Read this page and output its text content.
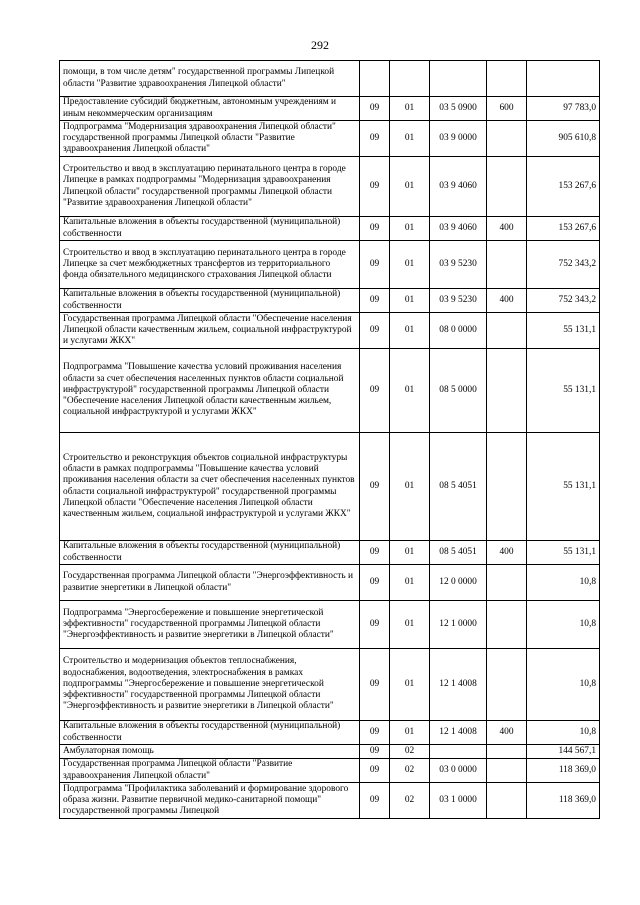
292
помощи, в том числе детям" государственной программы Липецкой области "Развитие здравоохранения Липецкой области"					
Предоставление субсидий бюджетным, автономным учреждениям и иным некоммерческим организациям	09	01	03 5 0900	600	97 783,0
Подпрограмма "Модернизация здравоохранения Липецкой области" государственной программы Липецкой области "Развитие здравоохранения Липецкой области"	09	01	03 9 0000		905 610,8
Строительство и ввод в эксплуатацию перинатального центра в городе Липецке в рамках подпрограммы "Модернизация здравоохранения Липецкой области" государственной программы Липецкой области "Развитие здравоохранения Липецкой области"	09	01	03 9 4060		153 267,6
Капитальные вложения в объекты государственной (муниципальной) собственности	09	01	03 9 4060	400	153 267,6
Строительство и ввод в эксплуатацию перинатального центра в городе Липецке за счет межбюджетных трансфертов из территориального фонда обязательного медицинского страхования Липецкой области	09	01	03 9 5230		752 343,2
Капитальные вложения в объекты государственной (муниципальной) собственности	09	01	03 9 5230	400	752 343,2
Государственная программа Липецкой области "Обеспечение населения Липецкой области качественным жильем, социальной инфраструктурой и услугами ЖКХ"	09	01	08 0 0000		55 131,1
Подпрограмма "Повышение качества условий проживания населения области за счет обеспечения населенных пунктов области социальной инфраструктурой" государственной программы Липецкой области "Обеспечение населения Липецкой области качественным жильем, социальной инфраструктурой и услугами ЖКХ"	09	01	08 5 0000		55 131,1
Строительство и реконструкция объектов социальной инфраструктуры области в рамках подпрограммы "Повышение качества условий проживания населения области за счет обеспечения населенных пунктов области социальной инфраструктурой" государственной программы Липецкой области "Обеспечение населения Липецкой области качественным жильем, социальной инфраструктурой и услугами ЖКХ"	09	01	08 5 4051		55 131,1
Капитальные вложения в объекты государственной (муниципальной) собственности	09	01	08 5 4051	400	55 131,1
Государственная программа Липецкой области "Энергоэффективность и развитие энергетики в Липецкой области"	09	01	12 0 0000		10,8
Подпрограмма "Энергосбережение и повышение энергетической эффективности" государственной программы Липецкой области "Энергоэффективность и развитие энергетики в Липецкой области"	09	01	12 1 0000		10,8
Строительство и модернизация объектов теплоснабжения, водоснабжения, водоотведения, электроснабжения в рамках подпрограммы "Энергосбережение и повышение энергетической эффективности" государственной программы Липецкой области "Энергоэффективность и развитие энергетики в Липецкой области"	09	01	12 1 4008		10,8
Капитальные вложения в объекты государственной (муниципальной) собственности	09	01	12 1 4008	400	10,8
Амбулаторная помощь	09	02			144 567,1
Государственная программа Липецкой области "Развитие здравоохранения Липецкой области"	09	02	03 0 0000		118 369,0
Подпрограмма "Профилактика заболеваний и формирование здорового образа жизни. Развитие первичной медико-санитарной помощи" государственной программы Липецкой	09	02	03 1 0000		118 369,0
